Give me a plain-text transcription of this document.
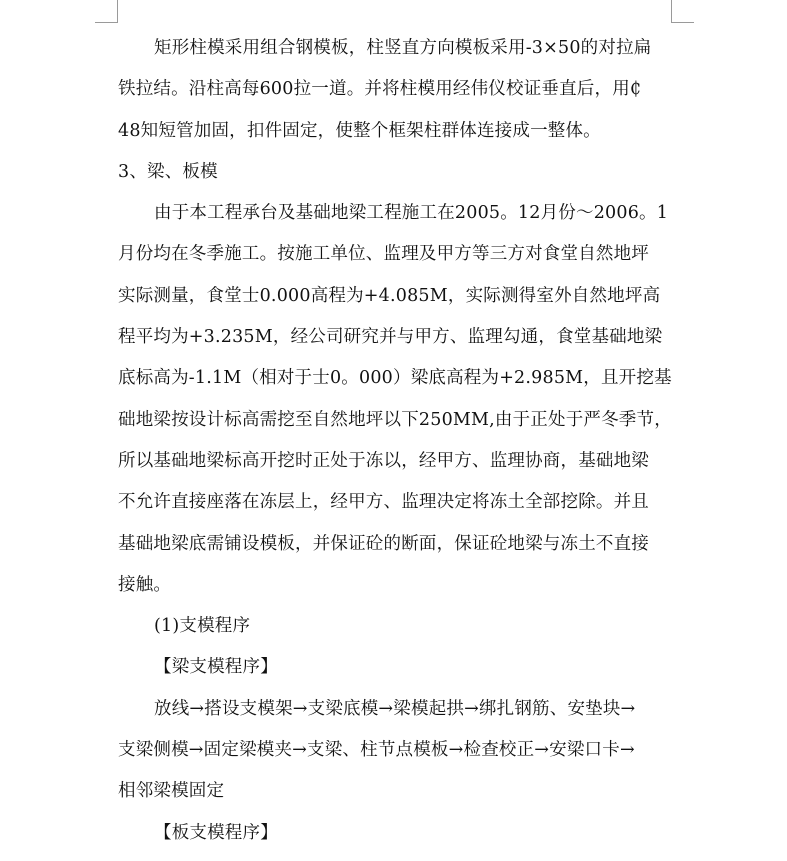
矩形柱模采用组合钢模板，柱竖直方向模板采用-3×50的对拉扁
铁拉结。沿柱高每600拉一道。并将柱模用经伟仪校证垂直后，用₵
48知短管加固，扣件固定，使整个框架柱群体连接成一整体。
3、梁、板模
由于本工程承台及基础地梁工程施工在2005。12月份～2006。1
月份均在冬季施工。按施工单位、监理及甲方等三方对食堂自然地坪
实际测量，食堂士0.000高程为+4.085M，实际测得室外自然地坪高
程平均为+3.235M，经公司研究并与甲方、监理勾通，食堂基础地梁
底标高为-1.1M（相对于士0。000）梁底高程为+2.985M，且开挖基
础地梁按设计标高需挖至自然地坪以下250MM,由于正处于严冬季节，
所以基础地梁标高开挖时正处于冻以，经甲方、监理协商，基础地梁
不允许直接座落在冻层上，经甲方、监理决定将冻土全部挖除。并且
基础地梁底需铺设模板，并保证砼的断面，保证砼地梁与冻土不直接
接触。
(1)支模程序
【梁支模程序】
放线→搭设支模架→支梁底模→梁模起拱→绑扎钢筋、安垫块→
支梁侧模→固定梁模夹→支梁、柱节点模板→检查校正→安梁口卡→
相邻梁模固定
【板支模程序】
